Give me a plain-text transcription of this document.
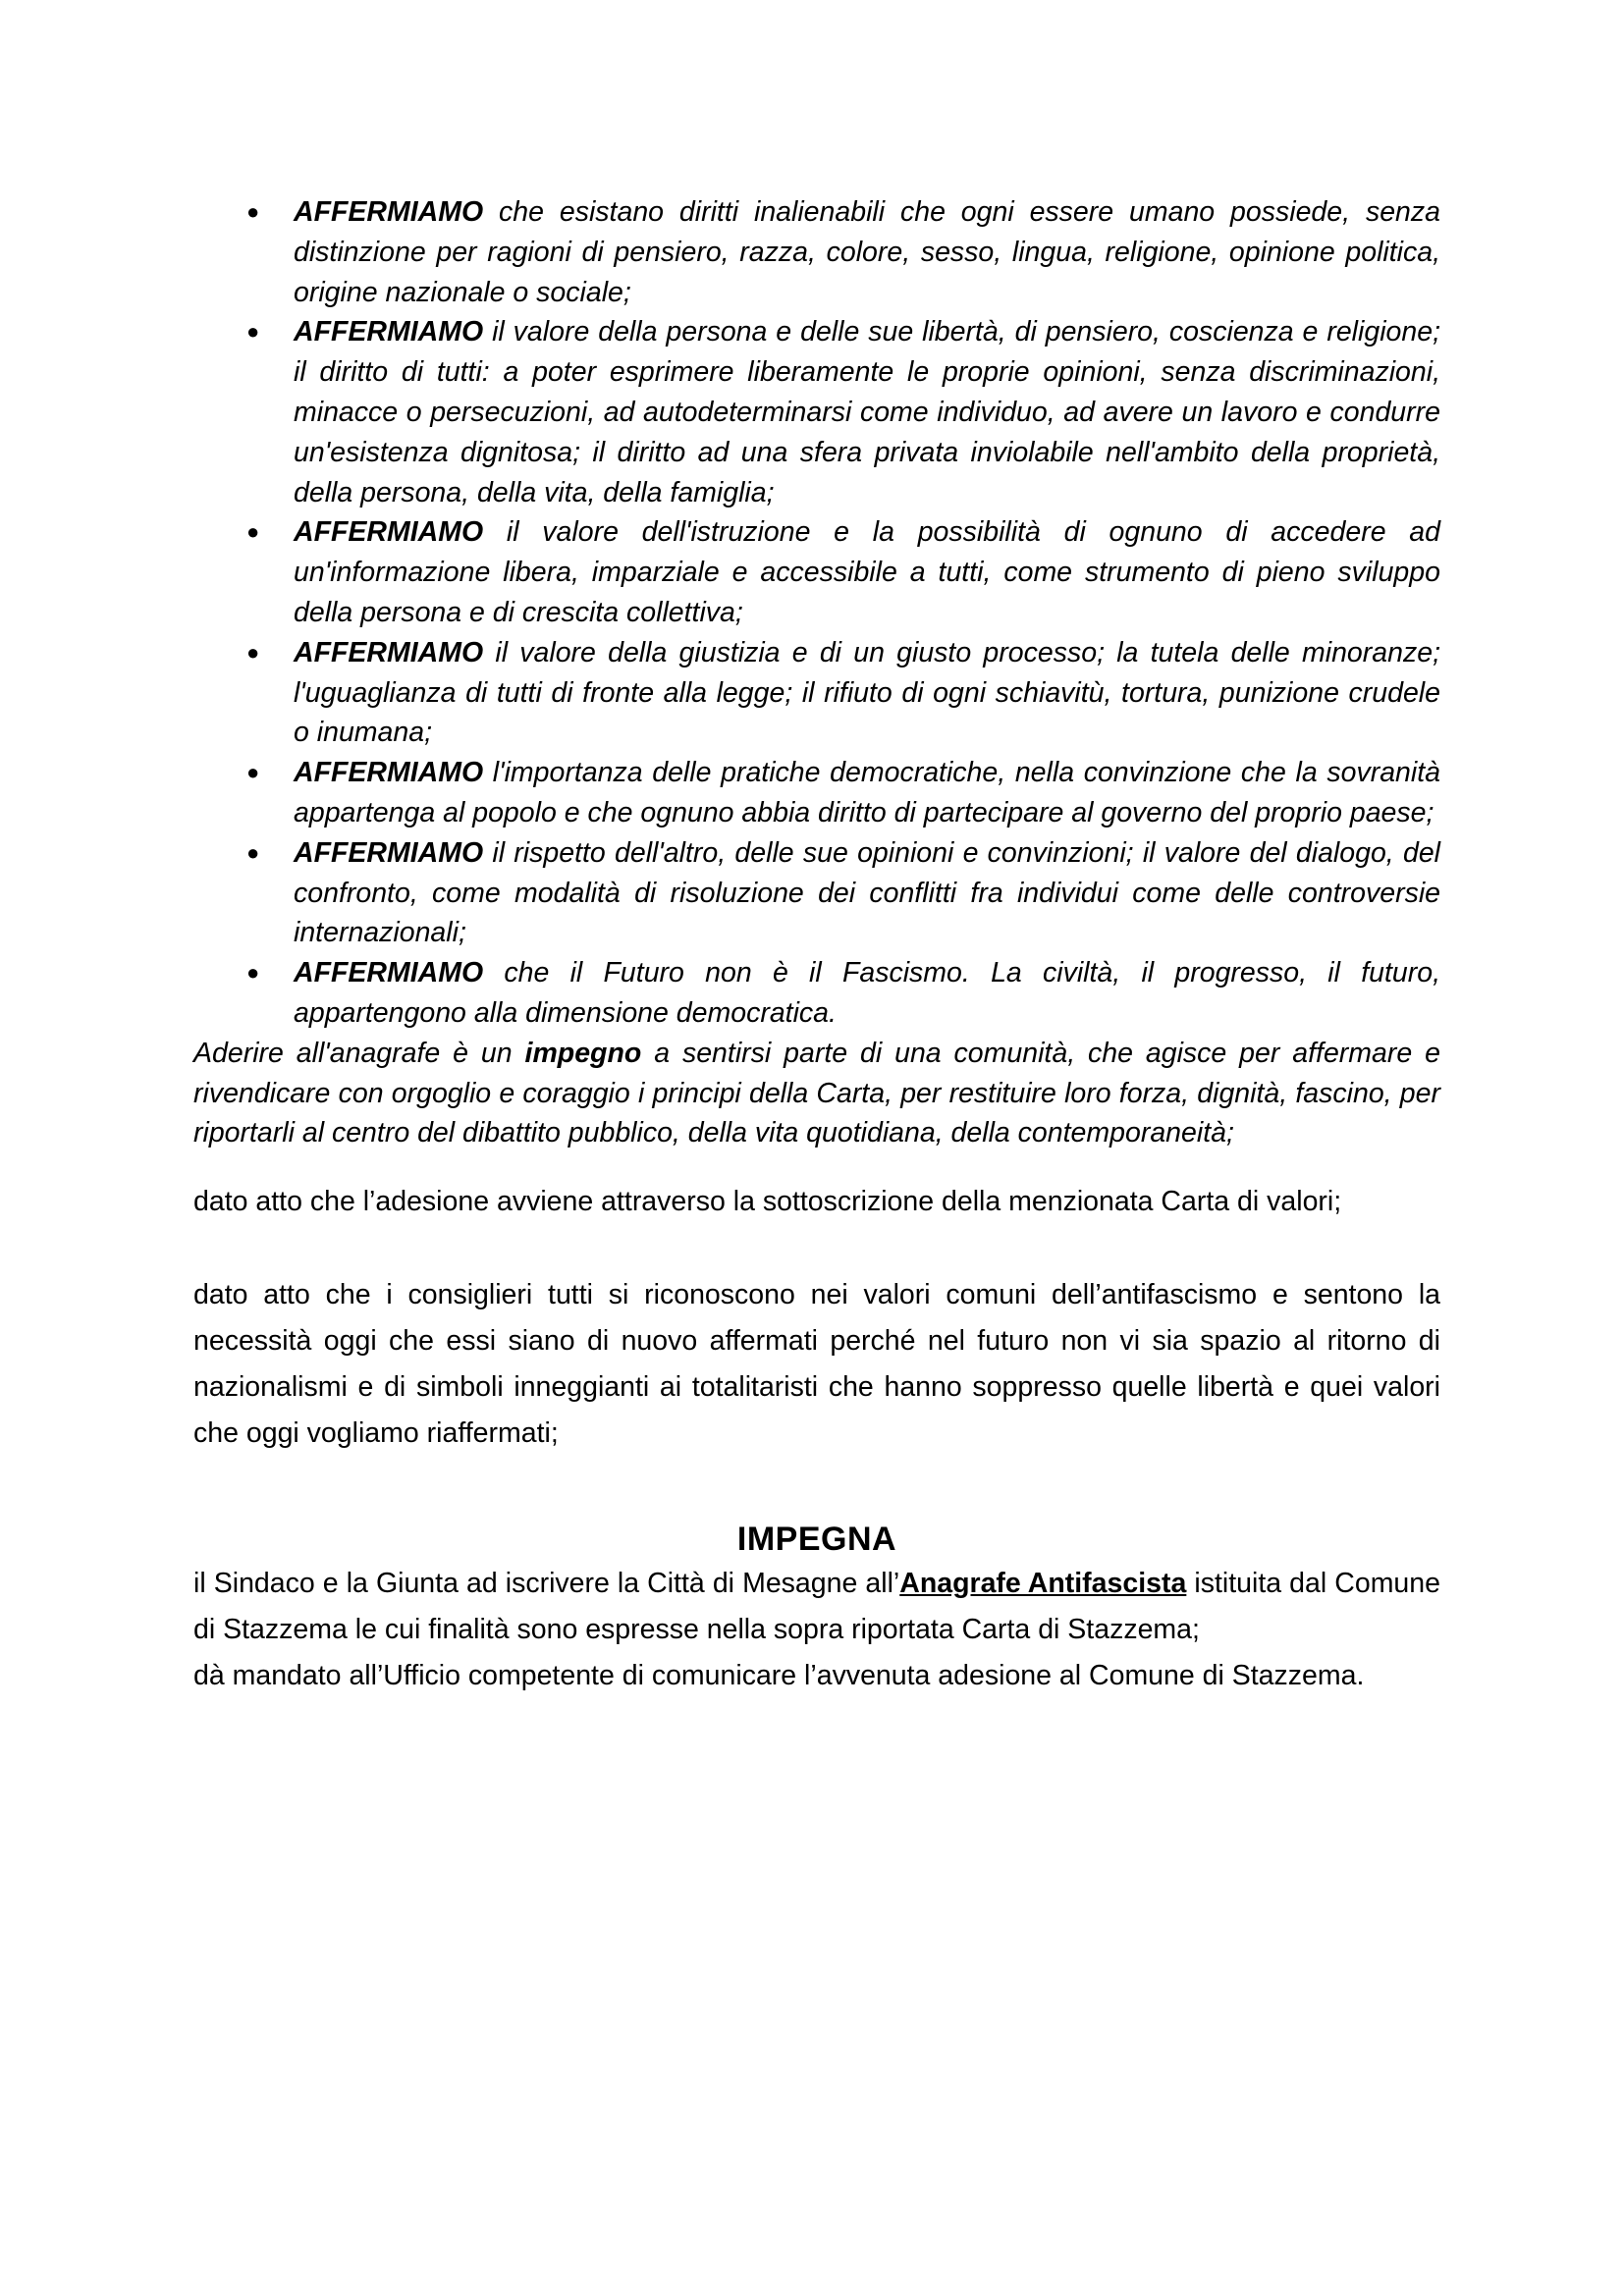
● AFFERMIAMO che esistano diritti inalienabili che ogni essere umano possiede, senza distinzione per ragioni di pensiero, razza, colore, sesso, lingua, religione, opinione politica, origine nazionale o sociale;
● AFFERMIAMO il valore della persona e delle sue libertà, di pensiero, coscienza e religione; il diritto di tutti: a poter esprimere liberamente le proprie opinioni, senza discriminazioni, minacce o persecuzioni, ad autodeterminarsi come individuo, ad avere un lavoro e condurre un'esistenza dignitosa; il diritto ad una sfera privata inviolabile nell'ambito della proprietà, della persona, della vita, della famiglia;
● AFFERMIAMO il valore dell'istruzione e la possibilità di ognuno di accedere ad un'informazione libera, imparziale e accessibile a tutti, come strumento di pieno sviluppo della persona e di crescita collettiva;
● AFFERMIAMO il valore della giustizia e di un giusto processo; la tutela delle minoranze; l'uguaglianza di tutti di fronte alla legge; il rifiuto di ogni schiavitù, tortura, punizione crudele o inumana;
● AFFERMIAMO l'importanza delle pratiche democratiche, nella convinzione che la sovranità appartenga al popolo e che ognuno abbia diritto di partecipare al governo del proprio paese;
● AFFERMIAMO il rispetto dell'altro, delle sue opinioni e convinzioni; il valore del dialogo, del confronto, come modalità di risoluzione dei conflitti fra individui come delle controversie internazionali;
● AFFERMIAMO che il Futuro non è il Fascismo. La civiltà, il progresso, il futuro, appartengono alla dimensione democratica.

Aderire all'anagrafe è un impegno a sentirsi parte di una comunità, che agisce per affermare e rivendicare con orgoglio e coraggio i principi della Carta, per restituire loro forza, dignità, fascino, per riportarli al centro del dibattito pubblico, della vita quotidiana, della contemporaneità;

dato atto che l’adesione avviene attraverso la sottoscrizione della menzionata Carta di valori;

dato atto che i consiglieri tutti si riconoscono nei valori comuni dell’antifascismo e sentono la necessità oggi che essi siano di nuovo affermati perché nel futuro non vi sia spazio al ritorno di nazionalismi e di simboli inneggianti ai totalitaristi che hanno soppresso quelle libertà e quei valori che oggi vogliamo riaffermati;

IMPEGNA

il Sindaco e la Giunta ad iscrivere la Città di Mesagne all’Anagrafe Antifascista istituita dal Comune di Stazzema le cui finalità sono espresse nella sopra riportata Carta di Stazzema;

dà mandato all’Ufficio competente di comunicare l’avvenuta adesione al Comune di Stazzema.
